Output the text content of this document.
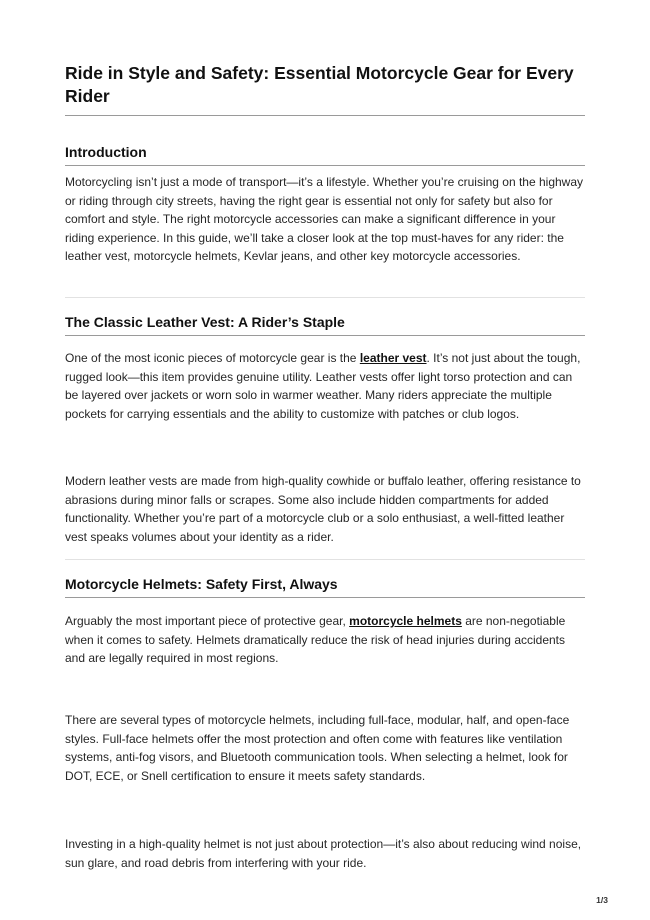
Ride in Style and Safety: Essential Motorcycle Gear for Every Rider
Introduction

Motorcycling isn’t just a mode of transport—it’s a lifestyle. Whether you’re cruising on the highway or riding through city streets, having the right gear is essential not only for safety but also for comfort and style. The right motorcycle accessories can make a significant difference in your riding experience. In this guide, we’ll take a closer look at the top must-haves for any rider: the leather vest, motorcycle helmets, Kevlar jeans, and other key motorcycle accessories.

The Classic Leather Vest: A Rider’s Staple

One of the most iconic pieces of motorcycle gear is the leather vest. It’s not just about the tough, rugged look—this item provides genuine utility. Leather vests offer light torso protection and can be layered over jackets or worn solo in warmer weather. Many riders appreciate the multiple pockets for carrying essentials and the ability to customize with patches or club logos.

Modern leather vests are made from high-quality cowhide or buffalo leather, offering resistance to abrasions during minor falls or scrapes. Some also include hidden compartments for added functionality. Whether you’re part of a motorcycle club or a solo enthusiast, a well-fitted leather vest speaks volumes about your identity as a rider.

Motorcycle Helmets: Safety First, Always

Arguably the most important piece of protective gear, motorcycle helmets are non-negotiable when it comes to safety. Helmets dramatically reduce the risk of head injuries during accidents and are legally required in most regions.

There are several types of motorcycle helmets, including full-face, modular, half, and open-face styles. Full-face helmets offer the most protection and often come with features like ventilation systems, anti-fog visors, and Bluetooth communication tools. When selecting a helmet, look for DOT, ECE, or Snell certification to ensure it meets safety standards.

Investing in a high-quality helmet is not just about protection—it’s also about reducing wind noise, sun glare, and road debris from interfering with your ride.

1/3
